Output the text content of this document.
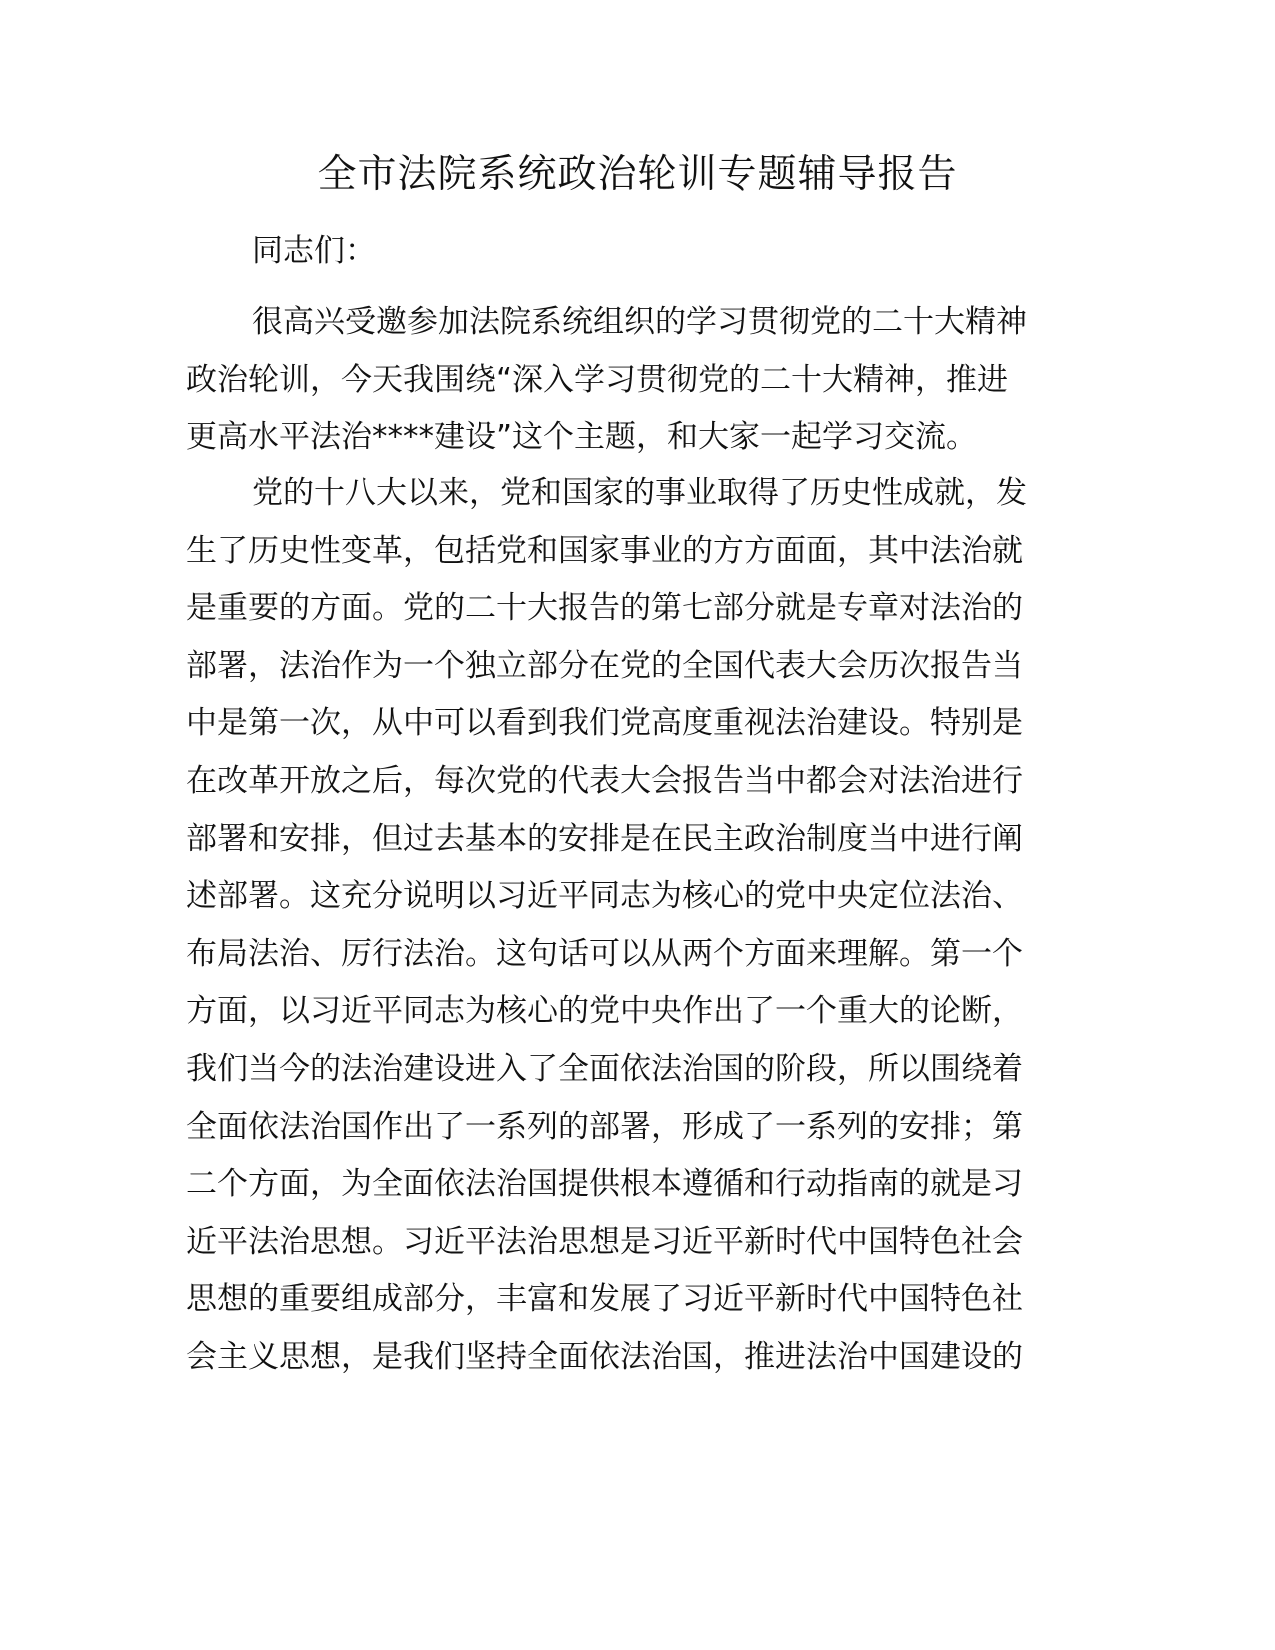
全市法院系统政治轮训专题辅导报告
同志们：
很高兴受邀参加法院系统组织的学习贯彻党的二十大精神
政治轮训，今天我围绕“深入学习贯彻党的二十大精神，推进
更高水平法治****建设”这个主题，和大家一起学习交流。
党的十八大以来，党和国家的事业取得了历史性成就，发
生了历史性变革，包括党和国家事业的方方面面，其中法治就
是重要的方面。党的二十大报告的第七部分就是专章对法治的
部署，法治作为一个独立部分在党的全国代表大会历次报告当
中是第一次，从中可以看到我们党高度重视法治建设。特别是
在改革开放之后，每次党的代表大会报告当中都会对法治进行
部署和安排，但过去基本的安排是在民主政治制度当中进行阐
述部署。这充分说明以习近平同志为核心的党中央定位法治、
布局法治、厉行法治。这句话可以从两个方面来理解。第一个
方面，以习近平同志为核心的党中央作出了一个重大的论断，
我们当今的法治建设进入了全面依法治国的阶段，所以围绕着
全面依法治国作出了一系列的部署，形成了一系列的安排；第
二个方面，为全面依法治国提供根本遵循和行动指南的就是习
近平法治思想。习近平法治思想是习近平新时代中国特色社会
思想的重要组成部分，丰富和发展了习近平新时代中国特色社
会主义思想，是我们坚持全面依法治国，推进法治中国建设的
